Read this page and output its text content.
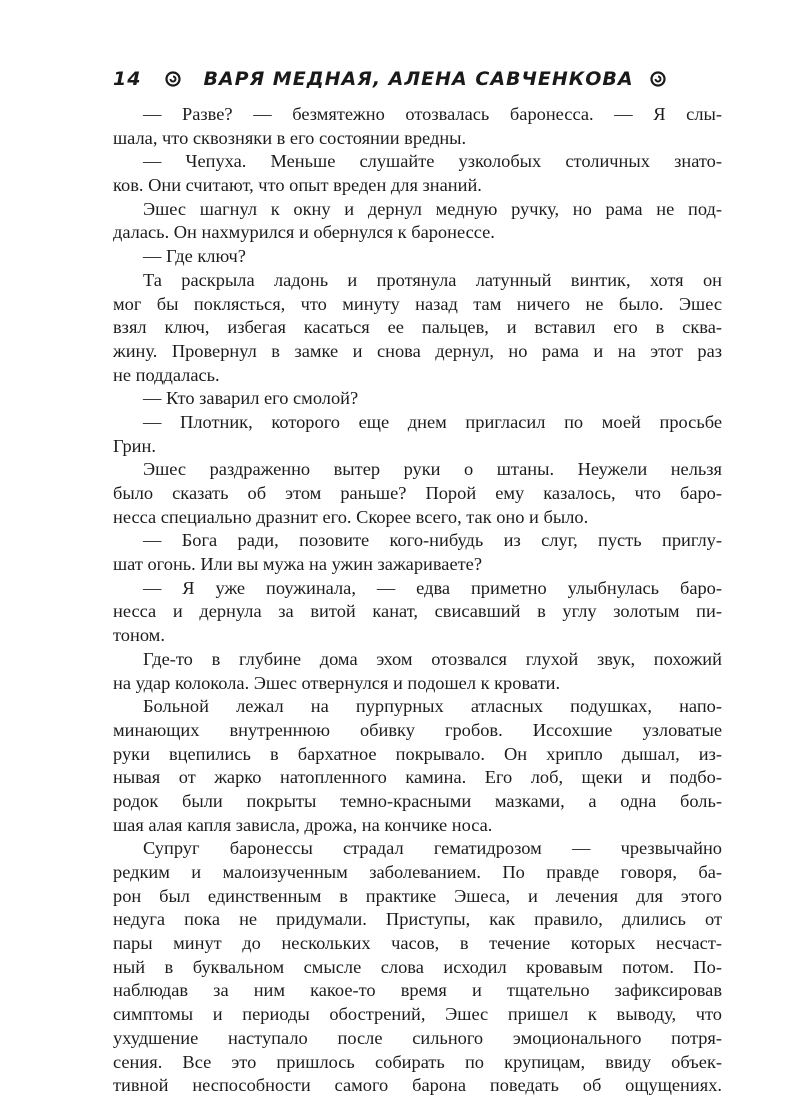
14	ВАРЯ МЕДНАЯ, АЛЕНА САВЧЕНКОВА
— Разве? — безмятежно отозвалась баронесса. — Я слы-
шала, что сквозняки в его состоянии вредны.
— Чепуха. Меньше слушайте узколобых столичных знато-
ков. Они считают, что опыт вреден для знаний.
Эшес шагнул к окну и дернул медную ручку, но рама не под-
далась. Он нахмурился и обернулся к баронессе.
— Где ключ?
Та раскрыла ладонь и протянула латунный винтик, хотя он
мог бы поклясться, что минуту назад там ничего не было. Эшес
взял ключ, избегая касаться ее пальцев, и вставил его в сква-
жину. Провернул в замке и снова дернул, но рама и на этот раз
не поддалась.
— Кто заварил его смолой?
— Плотник, которого еще днем пригласил по моей просьбе
Грин.
Эшес раздраженно вытер руки о штаны. Неужели нельзя
было сказать об этом раньше? Порой ему казалось, что баро-
несса специально дразнит его. Скорее всего, так оно и было.
— Бога ради, позовите кого-нибудь из слуг, пусть приглу-
шат огонь. Или вы мужа на ужин зажариваете?
— Я уже поужинала, — едва приметно улыбнулась баро-
несса и дернула за витой канат, свисавший в углу золотым пи-
тоном.
Где-то в глубине дома эхом отозвался глухой звук, похожий
на удар колокола. Эшес отвернулся и подошел к кровати.
Больной лежал на пурпурных атласных подушках, напо-
минающих внутреннюю обивку гробов. Иссохшие узловатые
руки вцепились в бархатное покрывало. Он хрипло дышал, из-
нывая от жарко натопленного камина. Его лоб, щеки и подбо-
родок были покрыты темно-красными мазками, а одна боль-
шая алая капля зависла, дрожа, на кончике носа.
Супруг баронессы страдал гематидрозом — чрезвычайно
редким и малоизученным заболеванием. По правде говоря, ба-
рон был единственным в практике Эшеса, и лечения для этого
недуга пока не придумали. Приступы, как правило, длились от
пары минут до нескольких часов, в течение которых несчаст-
ный в буквальном смысле слова исходил кровавым потом. По-
наблюдав за ним какое-то время и тщательно зафиксировав
симптомы и периоды обострений, Эшес пришел к выводу, что
ухудшение наступало после сильного эмоционального потря-
сения. Все это пришлось собирать по крупицам, ввиду объек-
тивной неспособности самого барона поведать об ощущениях.
